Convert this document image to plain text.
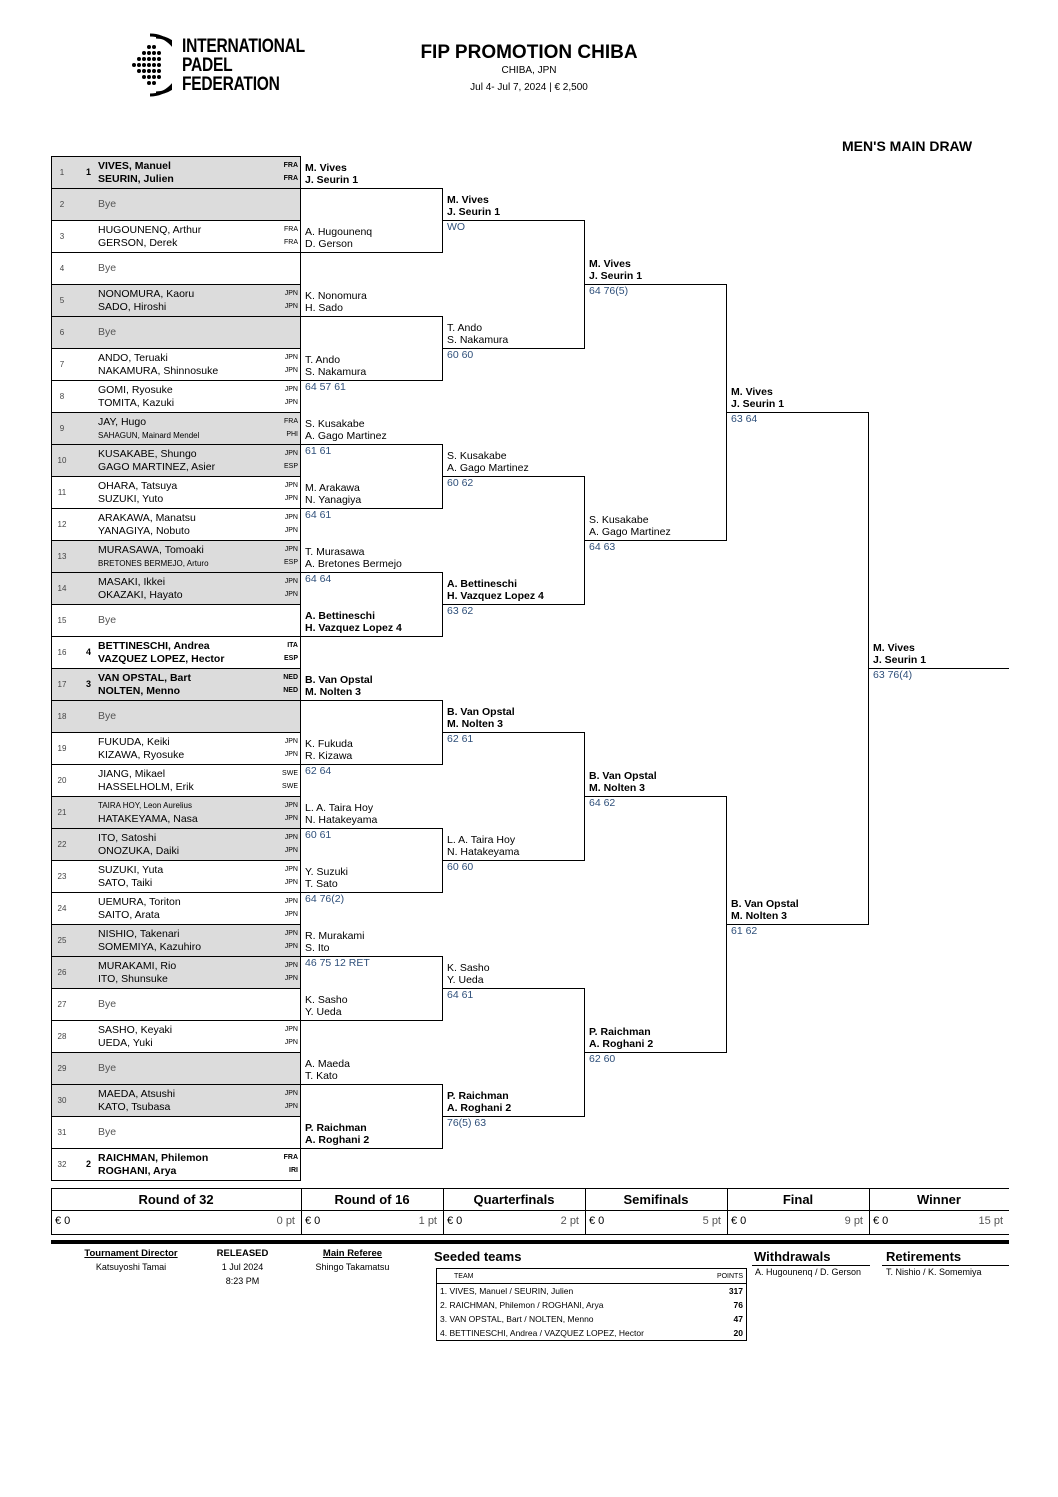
INTERNATIONAL
PADEL
FEDERATION
FIP PROMOTION CHIBA
CHIBA, JPN
Jul 4- Jul 7, 2024 | € 2,500
MEN'S MAIN DRAW
1	1 VIVES, Manuel	FRA
SEURIN, Julien	FRA
2	Bye
3
HUGOUNENQ, Arthur	FRA
GERSON, Derek	FRA
4	Bye
5
NONOMURA, Kaoru	JPN
SADO, Hiroshi	JPN
6	Bye
7
ANDO, Teruaki	JPN
NAKAMURA, Shinnosuke	JPN
8
GOMI, Ryosuke	JPN
TOMITA, Kazuki	JPN
9
JAY, Hugo	FRA
SAHAGUN, Mainard Mendel	PHI
10
KUSAKABE, Shungo	JPN
GAGO MARTINEZ, Asier	ESP
11
OHARA, Tatsuya	JPN
SUZUKI, Yuto	JPN
12
ARAKAWA, Manatsu	JPN
YANAGIYA, Nobuto	JPN
13
MURASAWA, Tomoaki	JPN
BRETONES BERMEJO, Arturo	ESP
14
MASAKI, Ikkei	JPN
OKAZAKI, Hayato	JPN
15	Bye
16	4 BETTINESCHI, Andrea	ITA
VAZQUEZ LOPEZ, Hector	ESP
17	3 VAN OPSTAL, Bart	NED
NOLTEN, Menno	NED
18	Bye
19
FUKUDA, Keiki	JPN
KIZAWA, Ryosuke	JPN
20
JIANG, Mikael	SWE
HASSELHOLM, Erik	SWE
21
TAIRA HOY, Leon Aurelius	JPN
HATAKEYAMA, Nasa	JPN
22
ITO, Satoshi	JPN
ONOZUKA, Daiki	JPN
23
SUZUKI, Yuta	JPN
SATO, Taiki	JPN
24
UEMURA, Toriton	JPN
SAITO, Arata	JPN
25
NISHIO, Takenari	JPN
SOMEMIYA, Kazuhiro	JPN
26
MURAKAMI, Rio	JPN
ITO, Shunsuke	JPN
27	Bye
28
SASHO, Keyaki	JPN
UEDA, Yuki	JPN
29	Bye
30
MAEDA, Atsushi	JPN
KATO, Tsubasa	JPN
31	Bye
32	2 RAICHMAN, Philemon	FRA
ROGHANI, Arya	IRI
M. Vives
J. Seurin 1
A. Hugounenq
D. Gerson
K. Nonomura
H. Sado
T. Ando
S. Nakamura
64 57 61
S. Kusakabe
A. Gago Martinez
61 61
M. Arakawa
N. Yanagiya
64 61
T. Murasawa
A. Bretones Bermejo
64 64
A. Bettineschi
H. Vazquez Lopez 4
B. Van Opstal
M. Nolten 3
K. Fukuda
R. Kizawa
62 64
L. A. Taira Hoy
N. Hatakeyama
60 61
Y. Suzuki
T. Sato
64 76(2)
R. Murakami
S. Ito
46 75 12 RET
K. Sasho
Y. Ueda
A. Maeda
T. Kato
P. Raichman
A. Roghani 2
M. Vives
J. Seurin 1
WO
T. Ando
S. Nakamura
60 60
S. Kusakabe
A. Gago Martinez
60 62
A. Bettineschi
H. Vazquez Lopez 4
63 62
B. Van Opstal
M. Nolten 3
62 61
L. A. Taira Hoy
N. Hatakeyama
60 60
K. Sasho
Y. Ueda
64 61
P. Raichman
A. Roghani 2
76(5) 63
M. Vives
J. Seurin 1
64 76(5)
S. Kusakabe
A. Gago Martinez
64 63
B. Van Opstal
M. Nolten 3
64 62
P. Raichman
A. Roghani 2
62 60
M. Vives
J. Seurin 1
63 64
B. Van Opstal
M. Nolten 3
61 62
M. Vives
J. Seurin 1
63 76(4)
Round of 32
€ 0	0 pt
Round of 16
€ 0	1 pt
Quarterfinals
€ 0	2 pt
Semifinals
€ 0	5 pt
Final
€ 0	9 pt
Winner
€ 0	15 pt
Tournament Director
Katsuyoshi Tamai
RELEASED
1 Jul 2024
8:23 PM
Main Referee
Shingo Takamatsu
Seeded teams
TEAM	POINTS
1. VIVES, Manuel / SEURIN, Julien	317
2. RAICHMAN, Philemon / ROGHANI, Arya	76
3. VAN OPSTAL, Bart / NOLTEN, Menno	47
4. BETTINESCHI, Andrea / VAZQUEZ LOPEZ, Hector	20
Withdrawals
A. Hugounenq / D. Gerson
Retirements
T. Nishio / K. Somemiya
